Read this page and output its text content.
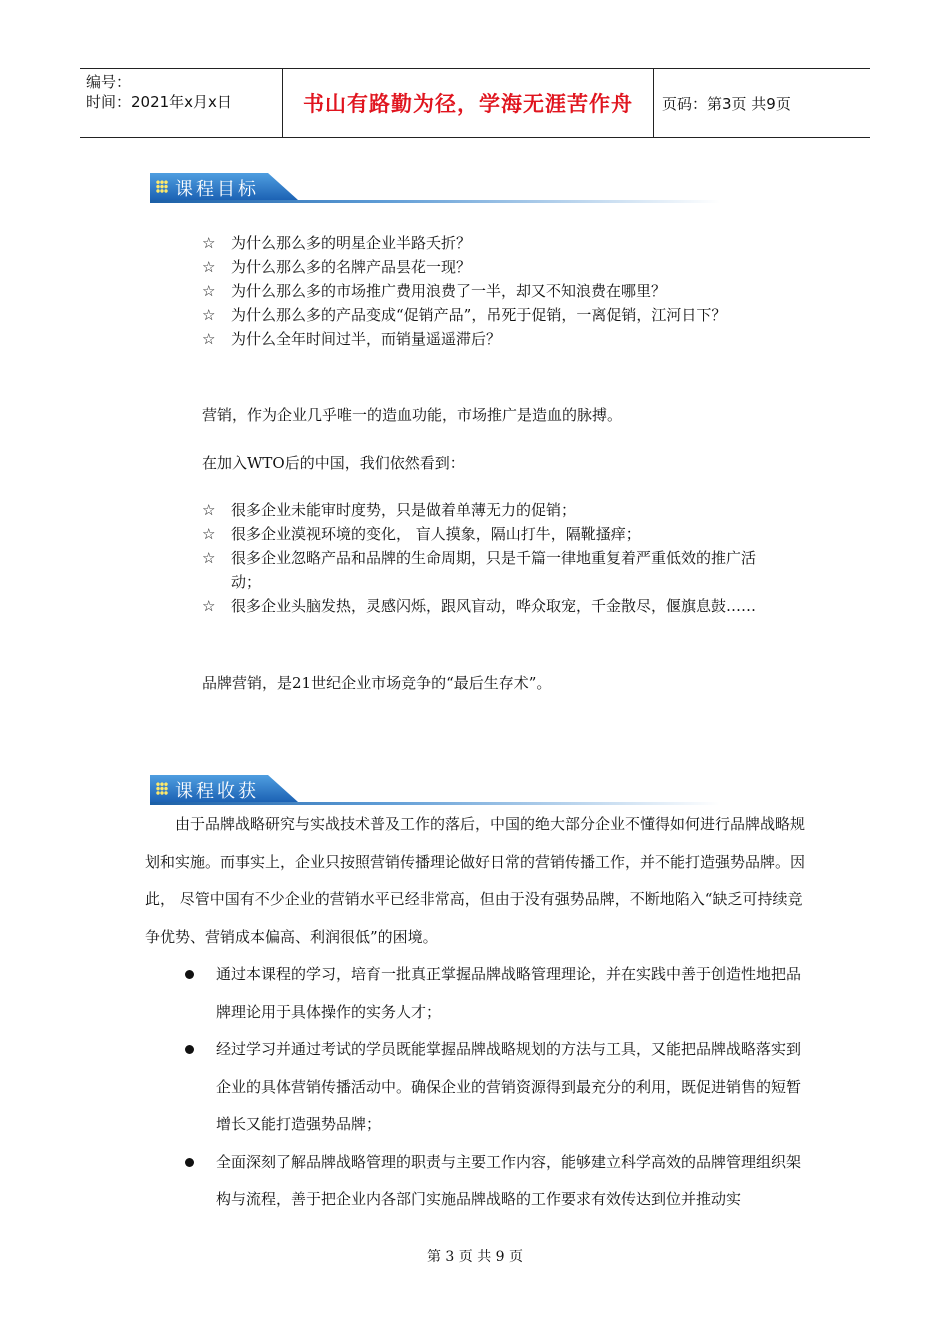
编号：
时间：2021年x月x日	书山有路勤为径，学海无涯苦作舟	页码：第3页 共9页
课程目标
☆ 为什么那么多的明星企业半路夭折？
☆ 为什么那么多的名牌产品昙花一现？
☆ 为什么那么多的市场推广费用浪费了一半，却又不知浪费在哪里？
☆ 为什么那么多的产品变成“促销产品”，吊死于促销，一离促销，江河日下？
☆ 为什么全年时间过半，而销量遥遥滞后？
营销，作为企业几乎唯一的造血功能，市场推广是造血的脉搏。
在加入WTO后的中国，我们依然看到：
☆ 很多企业未能审时度势，只是做着单薄无力的促销；
☆ 很多企业漠视环境的变化， 盲人摸象，隔山打牛，隔靴搔痒；
☆ 很多企业忽略产品和品牌的生命周期，只是千篇一律地重复着严重低效的推广活动；
☆ 很多企业头脑发热，灵感闪烁，跟风盲动，哗众取宠，千金散尽，偃旗息鼓……
品牌营销，是21世纪企业市场竞争的“最后生存术”。
课程收获

由于品牌战略研究与实战技术普及工作的落后，中国的绝大部分企业不懂得如何进行品牌战略规划和实施。而事实上，企业只按照营销传播理论做好日常的营销传播工作，并不能打造强势品牌。因此， 尽管中国有不少企业的营销水平已经非常高，但由于没有强势品牌，不断地陷入“缺乏可持续竞争优势、营销成本偏高、利润很低”的困境。

通过本课程的学习，培育一批真正掌握品牌战略管理理论，并在实践中善于创造性地把品牌理论用于具体操作的实务人才；
经过学习并通过考试的学员既能掌握品牌战略规划的方法与工具，又能把品牌战略落实到企业的具体营销传播活动中。确保企业的营销资源得到最充分的利用，既促进销售的短暂增长又能打造强势品牌；
全面深刻了解品牌战略管理的职责与主要工作内容，能够建立科学高效的品牌管理组织架构与流程，善于把企业内各部门实施品牌战略的工作要求有效传达到位并推动实
第 3 页 共 9 页
